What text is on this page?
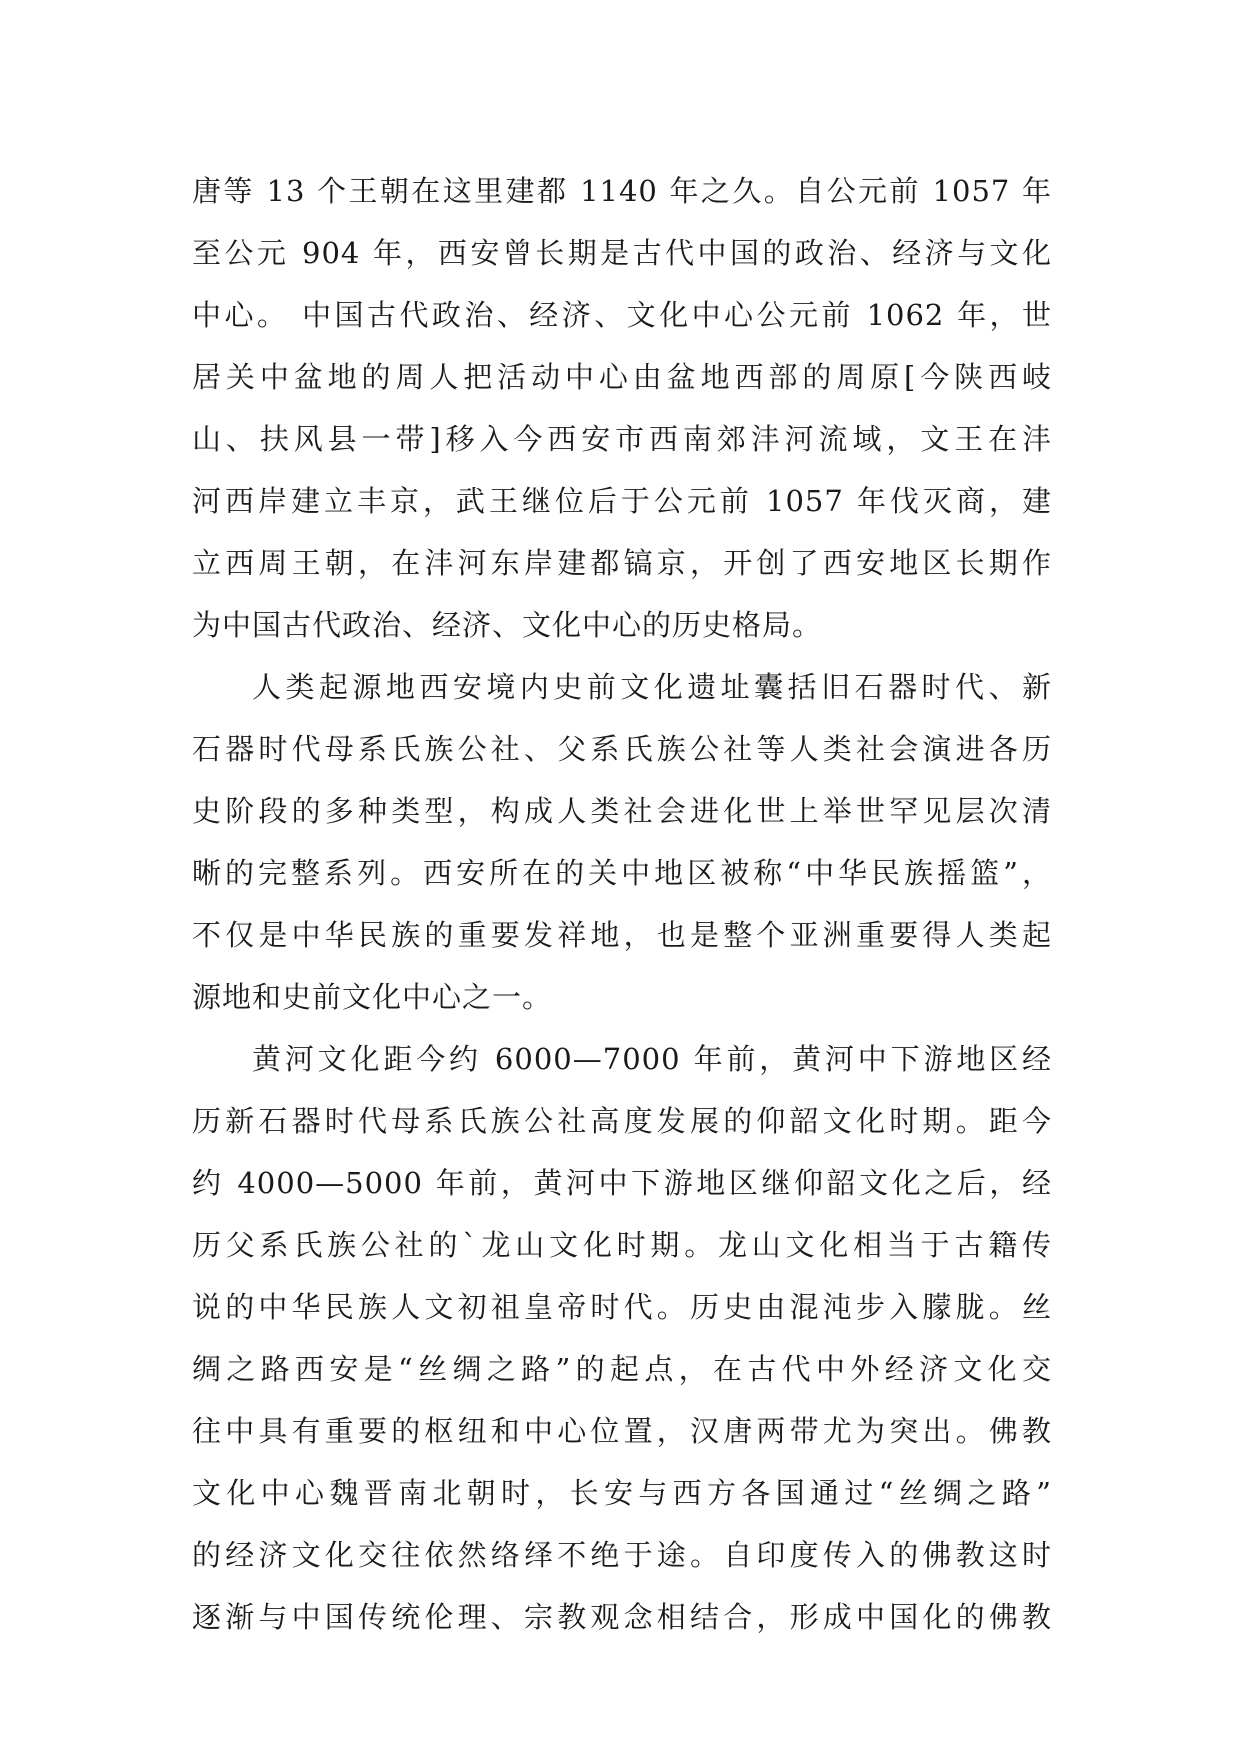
唐等 13 个王朝在这里建都 1140 年之久。自公元前 1057 年
至公元 904 年，西安曾长期是古代中国的政治、经济与文化
中心。 中国古代政治、经济、文化中心公元前 1062 年，世
居关中盆地的周人把活动中心由盆地西部的周原[今陕西岐
山、扶风县一带]移入今西安市西南郊沣河流域，文王在沣
河西岸建立丰京，武王继位后于公元前 1057 年伐灭商，建
立西周王朝，在沣河东岸建都镐京，开创了西安地区长期作
为中国古代政治、经济、文化中心的历史格局。
人类起源地西安境内史前文化遗址囊括旧石器时代、新
石器时代母系氏族公社、父系氏族公社等人类社会演进各历
史阶段的多种类型，构成人类社会进化世上举世罕见层次清
晰的完整系列。西安所在的关中地区被称“中华民族摇篮”，
不仅是中华民族的重要发祥地，也是整个亚洲重要得人类起
源地和史前文化中心之一。
黄河文化距今约 6000—7000 年前，黄河中下游地区经
历新石器时代母系氏族公社高度发展的仰韶文化时期。距今
约 4000—5000 年前，黄河中下游地区继仰韶文化之后，经
历父系氏族公社的`龙山文化时期。龙山文化相当于古籍传
说的中华民族人文初祖皇帝时代。历史由混沌步入朦胧。丝
绸之路西安是“丝绸之路”的起点，在古代中外经济文化交
往中具有重要的枢纽和中心位置，汉唐两带尤为突出。佛教
文化中心魏晋南北朝时，长安与西方各国通过“丝绸之路”
的经济文化交往依然络绎不绝于途。自印度传入的佛教这时
逐渐与中国传统伦理、宗教观念相结合，形成中国化的佛教
